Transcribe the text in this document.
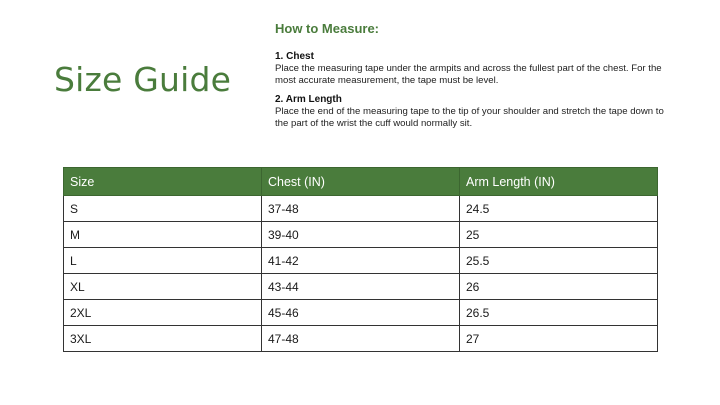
Size Guide

How to Measure:

1. Chest

Place the measuring tape under the armpits and across the fullest part of the chest. For the most accurate measurement, the tape must be level.

2. Arm Length

Place the end of the measuring tape to the tip of your shoulder and stretch the tape down to the part of the wrist the cuff would normally sit.

Size	Chest (IN)	Arm Length (IN)
S	37-48	24.5
M	39-40	25
L	41-42	25.5
XL	43-44	26
2XL	45-46	26.5
3XL	47-48	27
